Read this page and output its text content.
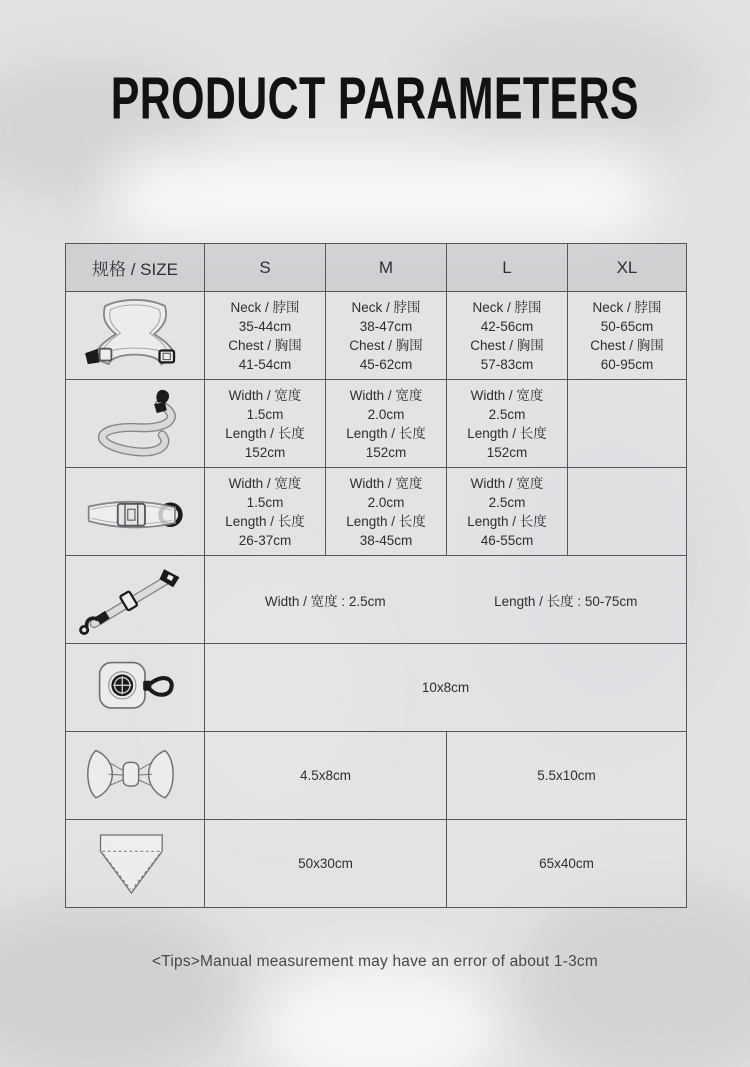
PRODUCT PARAMETERS
规格 / SIZE	S	M	L	XL

Neck / 脖围
35-44cm
Chest / 胸围
41-54cm	Neck / 脖围
38-47cm
Chest / 胸围
45-62cm	Neck / 脖围
42-56cm
Chest / 胸围
57-83cm	Neck / 脖围
50-65cm
Chest / 胸围
60-95cm

Width / 宽度
1.5cm
Length / 长度
152cm	Width / 宽度
2.0cm
Length / 长度
152cm	Width / 宽度
2.5cm
Length / 长度
152cm	

Width / 宽度
1.5cm
Length / 长度
26-37cm	Width / 宽度
2.0cm
Length / 长度
38-45cm	Width / 宽度
2.5cm
Length / 长度
46-55cm	

Width / 宽度 : 2.5cm Length / 长度 : 50-75cm			

	10x8cm			

	4.5x8cm		5.5x10cm	

	50x30cm		65x40cm	
<Tips>Manual measurement may have an error of about 1-3cm
